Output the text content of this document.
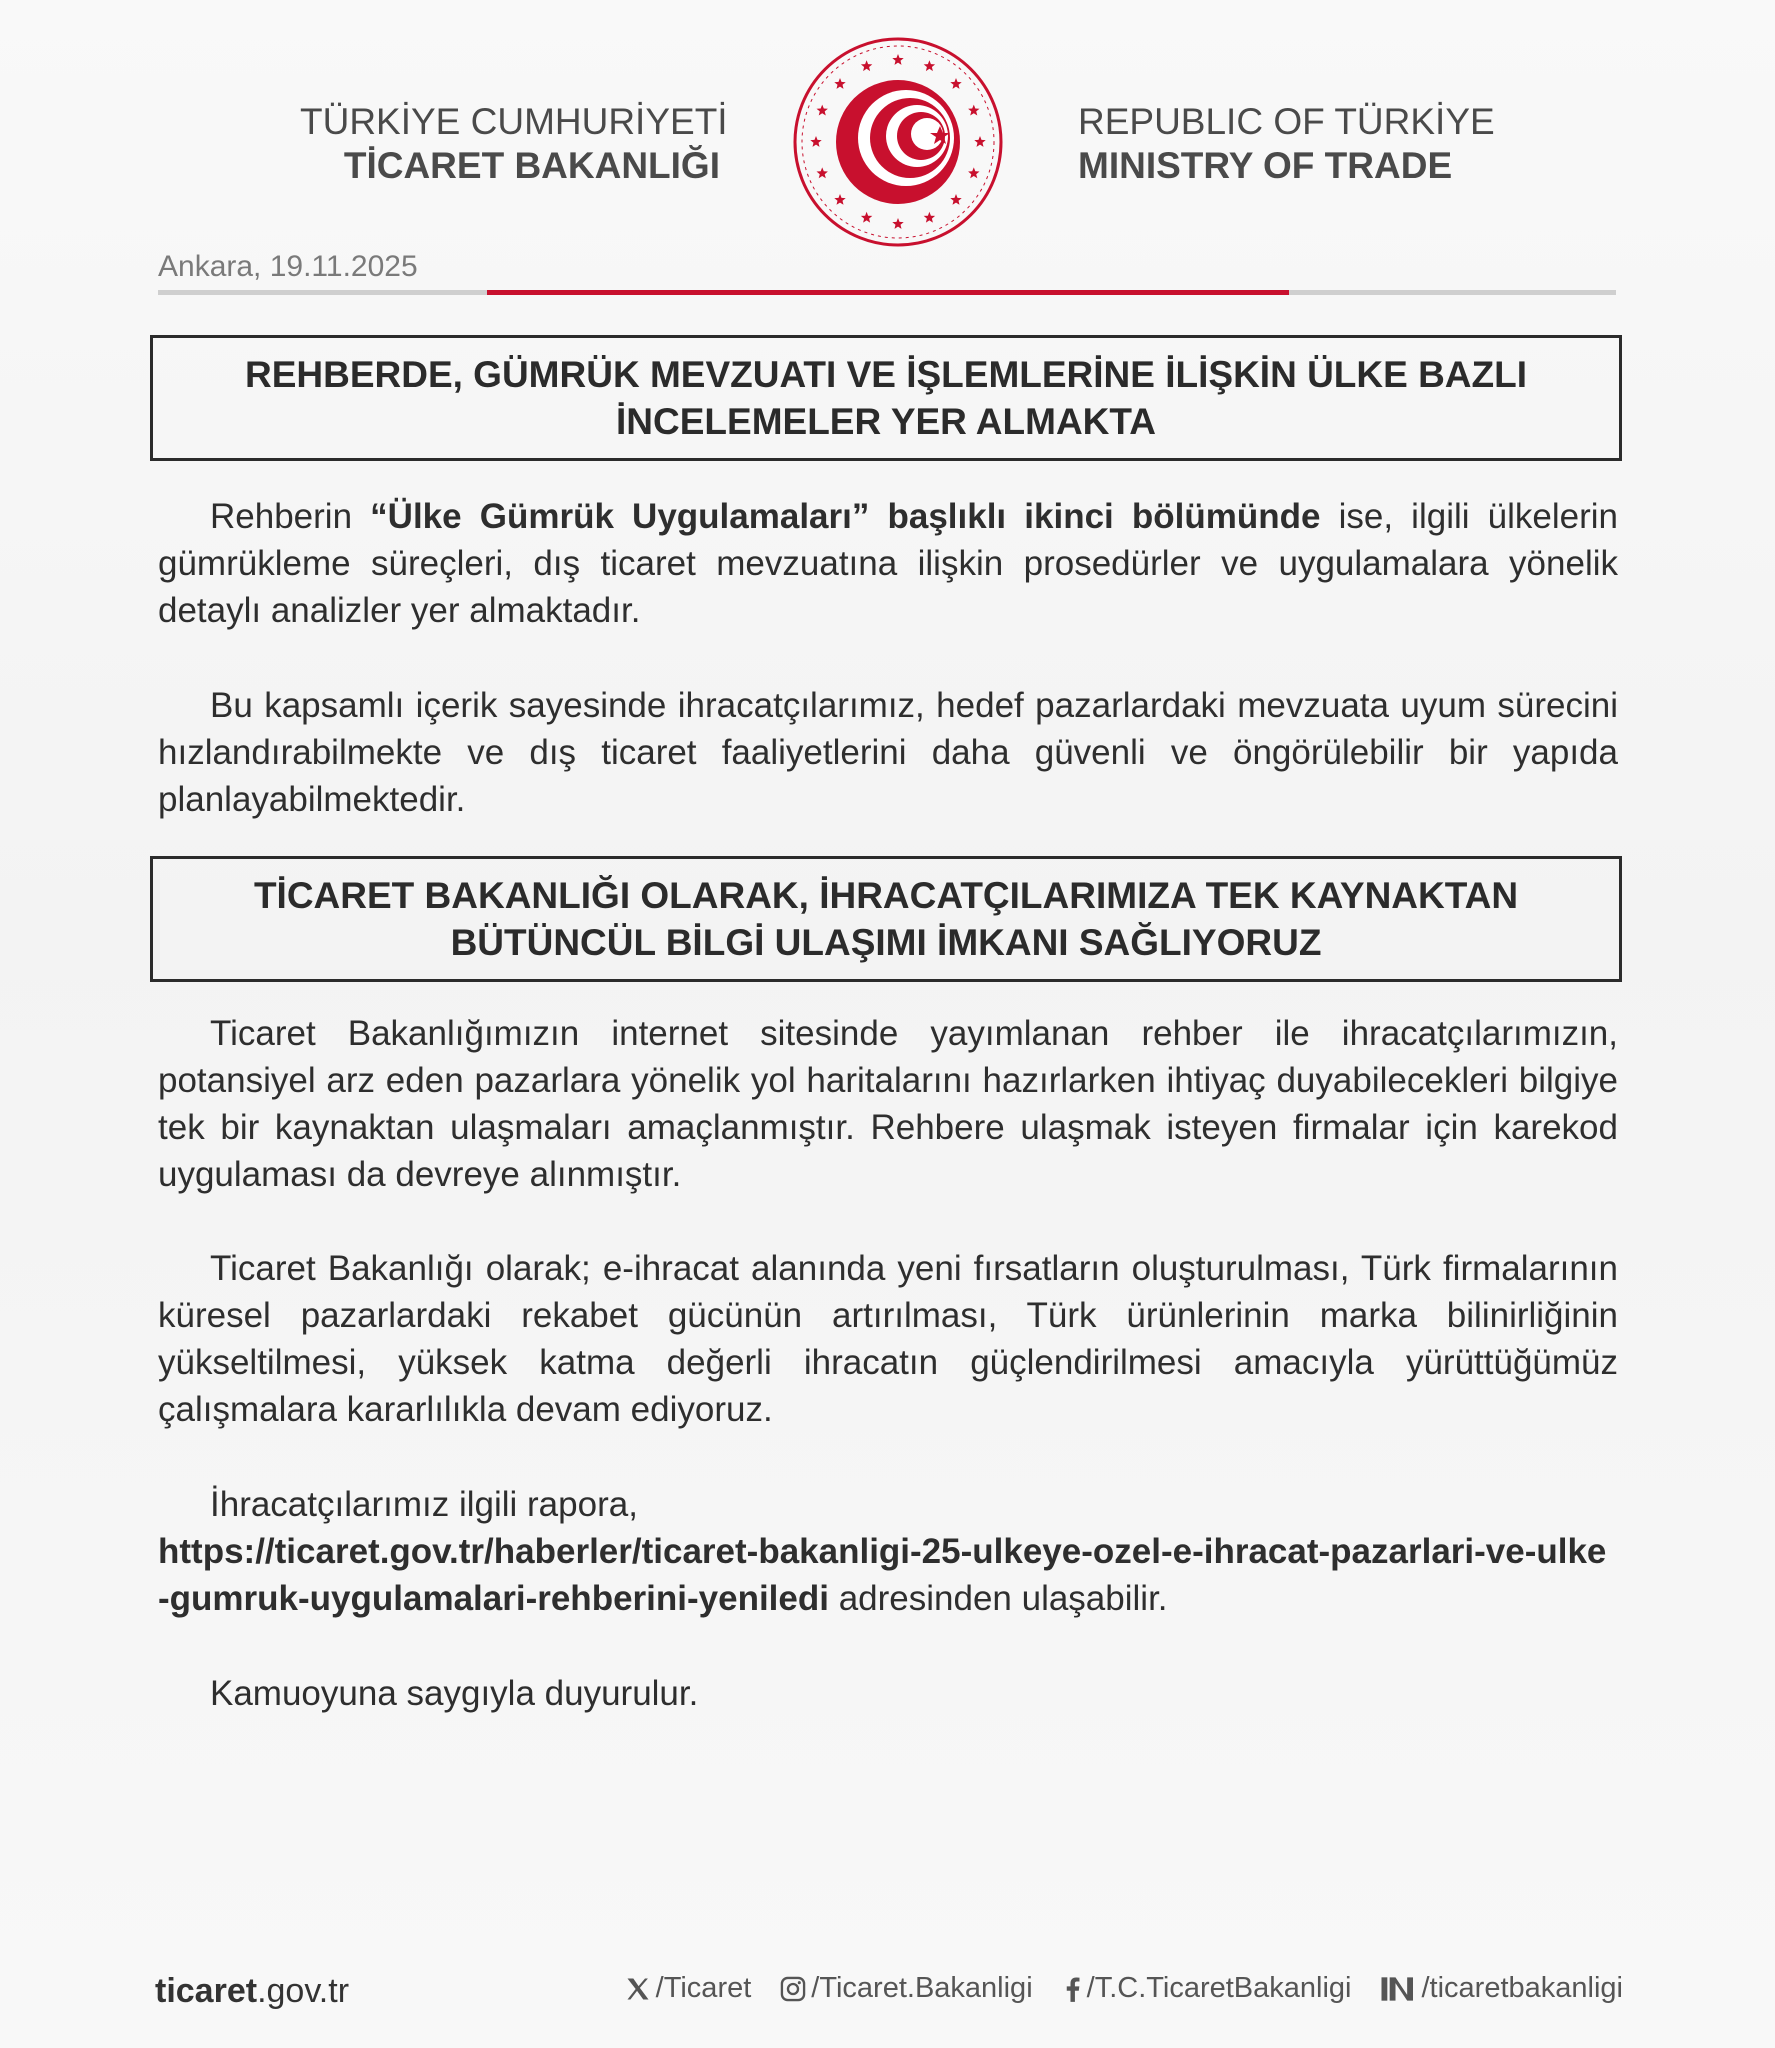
TÜRKİYE CUMHURİYETİ
TİCARET BAKANLIĞI
REPUBLIC OF TÜRKİYE
MINISTRY OF TRADE
Ankara, 19.11.2025
REHBERDE, GÜMRÜK MEVZUATI VE İŞLEMLERİNE İLİŞKİN ÜLKE BAZLI
İNCELEMELER YER ALMAKTA

Rehberin “Ülke Gümrük Uygulamaları” başlıklı ikinci bölümünde ise, ilgili ülkelerin gümrükleme süreçleri, dış ticaret mevzuatına ilişkin prosedürler ve uygulamalara yönelik detaylı analizler yer almaktadır.

Bu kapsamlı içerik sayesinde ihracatçılarımız, hedef pazarlardaki mevzuata uyum sürecini hızlandırabilmekte ve dış ticaret faaliyetlerini daha güvenli ve öngörülebilir bir yapıda planlayabilmektedir.

TİCARET BAKANLIĞI OLARAK, İHRACATÇILARIMIZA TEK KAYNAKTAN
BÜTÜNCÜL BİLGİ ULAŞIMI İMKANI SAĞLIYORUZ

Ticaret Bakanlığımızın internet sitesinde yayımlanan rehber ile ihracatçılarımızın, potansiyel arz eden pazarlara yönelik yol haritalarını hazırlarken ihtiyaç duyabilecekleri bilgiye tek bir kaynaktan ulaşmaları amaçlanmıştır. Rehbere ulaşmak isteyen firmalar için karekod uygulaması da devreye alınmıştır.

Ticaret Bakanlığı olarak; e-ihracat alanında yeni fırsatların oluşturulması, Türk firmalarının küresel pazarlardaki rekabet gücünün artırılması, Türk ürünlerinin marka bilinirliğinin yükseltilmesi, yüksek katma değerli ihracatın güçlendirilmesi amacıyla yürüttüğümüz çalışmalara kararlılıkla devam ediyoruz.

İhracatçılarımız ilgili rapora,
https://ticaret.gov.tr/haberler/ticaret-bakanligi-25-ulkeye-ozel-e-ihracat-pazarlari-ve-ulke-gumruk-uygulamalari-rehberini-yeniledi adresinden ulaşabilir.

Kamuoyuna saygıyla duyurulur.

ticaret.gov.tr	/Ticaret /Ticaret.Bakanligi /T.C.TicaretBakanligi /ticaretbakanligi
